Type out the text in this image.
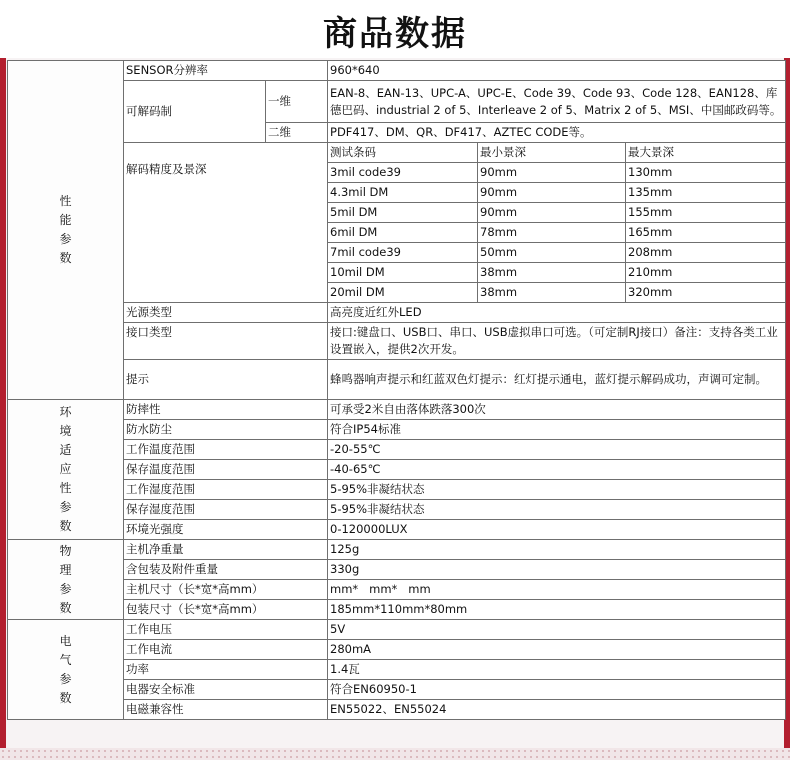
商品数据
性能参数	SENSOR分辨率		960*640		
	可解码制	一维	EAN-8、EAN-13、UPC-A、UPC-E、Code 39、Code 93、Code 128、EAN128、库德巴码、industrial 2 of 5、Interleave 2 of 5、Matrix 2 of 5、MSI、中国邮政码等。		
		二维	PDF417、DM、QR、DF417、AZTEC CODE等。		
	解码精度及景深		测试条码	最小景深	最大景深
			3mil code39	90mm	130mm
			4.3mil DM	90mm	135mm
			5mil DM	90mm	155mm
			6mil DM	78mm	165mm
			7mil code39	50mm	208mm
			10mil DM	38mm	210mm
			20mil DM	38mm	320mm
	光源类型		高亮度近红外LED		
	接口类型		接口:键盘口、USB口、串口、USB虚拟串口可选。（可定制RJ接口）备注：支持各类工业设置嵌入，提供2次开发。		
	提示		蜂鸣器响声提示和红蓝双色灯提示：红灯提示通电，蓝灯提示解码成功，声调可定制。		
环境适应性参数	防摔性		可承受2米自由落体跌落300次		
	防水防尘		符合IP54标准		
	工作温度范围		-20-55℃		
	保存温度范围		-40-65℃		
	工作湿度范围		5-95%非凝结状态		
	保存湿度范围		5-95%非凝结状态		
	环境光强度		0-120000LUX		
物理参数	主机净重量		125g		
	含包装及附件重量		330g		
	主机尺寸（长*宽*高mm）		mm*   mm*   mm		
	包装尺寸（长*宽*高mm）		185mm*110mm*80mm		
电气参数	工作电压		5V		
	工作电流		280mA		
	功率		1.4瓦		
	电器安全标准		符合EN60950-1		
	电磁兼容性		EN55022、EN55024		
